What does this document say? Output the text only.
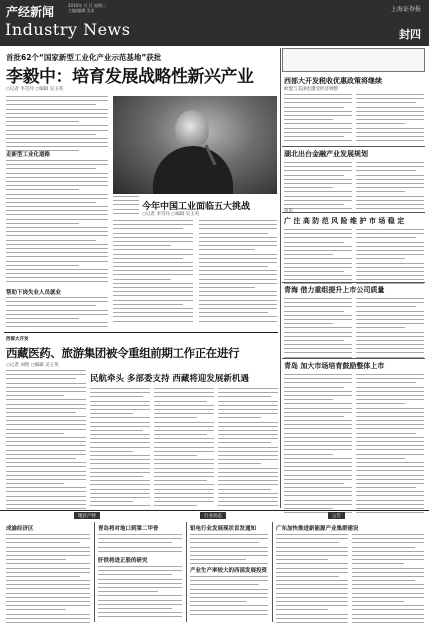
产经新闻	2010年 月 日 星期三
主编/编辑 美术
Industry News
上海证券报
封四
首批62个“国家新型工业化产业示范基地”获批
李毅中：培育发展战略性新兴产业
○记者 李雪玲 ○编辑 吴玉英
走新型工业化道路
帮助下岗失业人员就业
今年中国工业面临五大挑战
○记者 李雪玲 ○编辑 吴玉英
西部大开发税收优惠政策将继续
欧盟与美国也遭受经济调整
湖北出台金融产业发展规划
短讯
广 注 高 防 范 风 险 维 护 市 场 稳 定
青海 借力重组提升上市公司质量
青岛 加大市场培育鼓励整体上市
西部大开发
西藏医药、旅游集团被令重组前期工作正在进行
○记者 刘艳 ○编辑 吴玉英
民航牵头 多部委支持 西藏将迎发展新机遇
地区产经	行业动态	公告
成渝经济区	青岛将对地口到第二甲骨
肝铁将进正股的研究
铝电行业发展现状首发通知
产业生产率较大的西部发展投资
广东加快推进新能源产业集群建设
